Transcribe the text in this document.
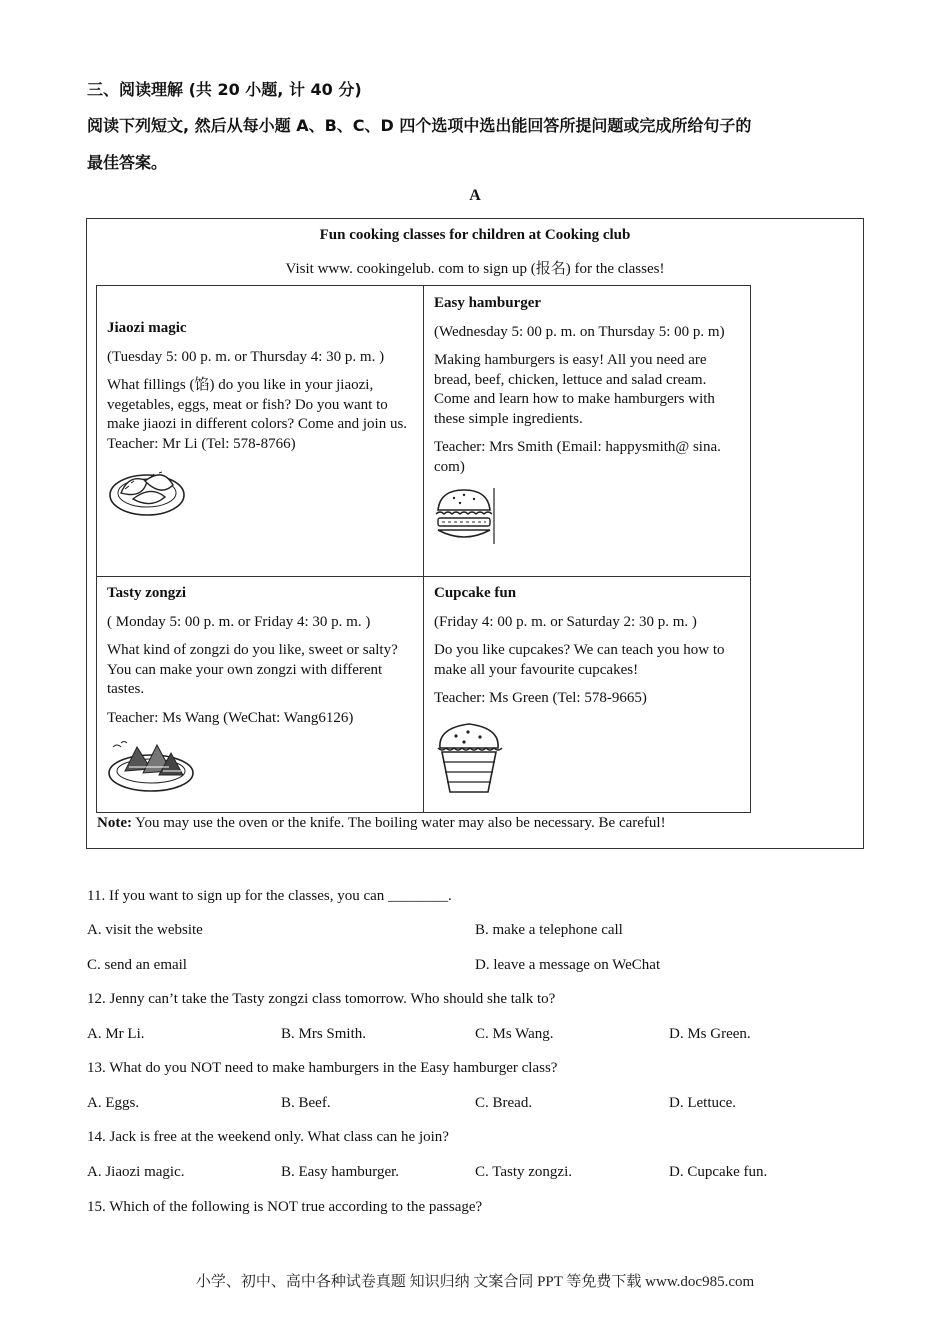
三、阅读理解 (共 20 小题, 计 40 分)
阅读下列短文, 然后从每小题 A、B、C、D 四个选项中选出能回答所提问题或完成所给句子的
最佳答案。
A
Fun cooking classes for children at Cooking club
Visit www. cookingelub. com to sign up (报名) for the classes!
Jiaozi magic

(Tuesday 5: 00 p. m. or Thursday 4: 30 p. m. )

What fillings (馅) do you like in your jiaozi, vegetables, eggs, meat or fish? Do you want to make jiaozi in different colors? Come and join us. Teacher: Mr Li (Tel: 578-8766)

Easy hamburger

(Wednesday 5: 00 p. m. on Thursday 5: 00 p. m)

Making hamburgers is easy! All you need are bread, beef, chicken, lettuce and salad cream. Come and learn how to make hamburgers with these simple ingredients.

Teacher: Mrs Smith (Email: happysmith@ sina. com)

Tasty zongzi

( Monday 5: 00 p. m. or Friday 4: 30 p. m. )

What kind of zongzi do you like, sweet or salty? You can make your own zongzi with different tastes.

Teacher: Ms Wang (WeChat: Wang6126)

Cupcake fun

(Friday 4: 00 p. m. or Saturday 2: 30 p. m. )

Do you like cupcakes? We can teach you how to make all your favourite cupcakes!

Teacher: Ms Green (Tel: 578-9665)

Note: You may use the oven or the knife. The boiling water may also be necessary. Be careful!
11. If you want to sign up for the classes, you can ________.
A. visit the website	B. make a telephone call
C. send an email	D. leave a message on WeChat
12. Jenny can’t take the Tasty zongzi class tomorrow. Who should she talk to?
A. Mr Li.	B. Mrs Smith.	C. Ms Wang.	D. Ms Green.
13. What do you NOT need to make hamburgers in the Easy hamburger class?
A. Eggs.	B. Beef.	C. Bread.	D. Lettuce.
14. Jack is free at the weekend only. What class can he join?
A. Jiaozi magic.	B. Easy hamburger.	C. Tasty zongzi.	D. Cupcake fun.
15. Which of the following is NOT true according to the passage?
小学、初中、高中各种试卷真题 知识归纳 文案合同 PPT 等免费下载 www.doc985.com
